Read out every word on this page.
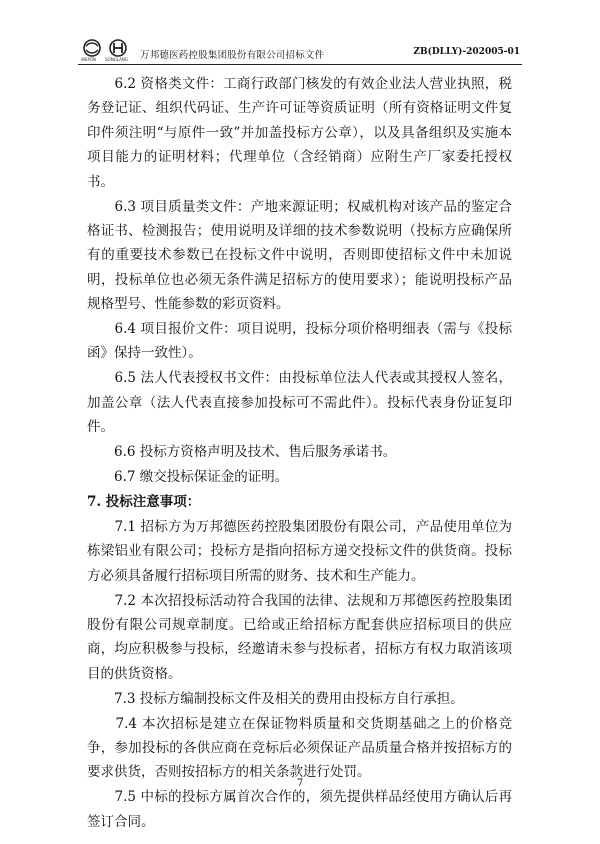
WEPON SONGLANG 万邦德医药控股集团股份有限公司招标文件	ZB(DLLY)-202005-01

　　6.2 资格类文件：工商行政部门核发的有效企业法人营业执照，税务登记证、组织代码证、生产许可证等资质证明（所有资格证明文件复印件须注明“与原件一致”并加盖投标方公章），以及具备组织及实施本项目能力的证明材料；代理单位（含经销商）应附生产厂家委托授权书。

　　6.3 项目质量类文件：产地来源证明；权威机构对该产品的鉴定合格证书、检测报告；使用说明及详细的技术参数说明（投标方应确保所有的重要技术参数已在投标文件中说明，否则即使招标文件中未加说明，投标单位也必须无条件满足招标方的使用要求）；能说明投标产品规格型号、性能参数的彩页资料。

　　6.4 项目报价文件：项目说明，投标分项价格明细表（需与《投标函》保持一致性）。

　　6.5 法人代表授权书文件：由投标单位法人代表或其授权人签名，加盖公章（法人代表直接参加投标可不需此件）。投标代表身份证复印件。

　　6.6 投标方资格声明及技术、售后服务承诺书。

　　6.7 缴交投标保证金的证明。

7. 投标注意事项：

　　7.1 招标方为万邦德医药控股集团股份有限公司，产品使用单位为栋梁铝业有限公司；投标方是指向招标方递交投标文件的供货商。投标方必须具备履行招标项目所需的财务、技术和生产能力。

　　7.2 本次招投标活动符合我国的法律、法规和万邦德医药控股集团股份有限公司规章制度。已给或正给招标方配套供应招标项目的供应商，均应积极参与投标，经邀请未参与投标者，招标方有权力取消该项目的供货资格。

　　7.3 投标方编制投标文件及相关的费用由投标方自行承担。

　　7.4 本次招标是建立在保证物料质量和交货期基础之上的价格竞争，参加投标的各供应商在竞标后必须保证产品质量合格并按招标方的要求供货，否则按招标方的相关条款进行处罚。

　　7.5 中标的投标方属首次合作的，须先提供样品经使用方确认后再签订合同。

7
